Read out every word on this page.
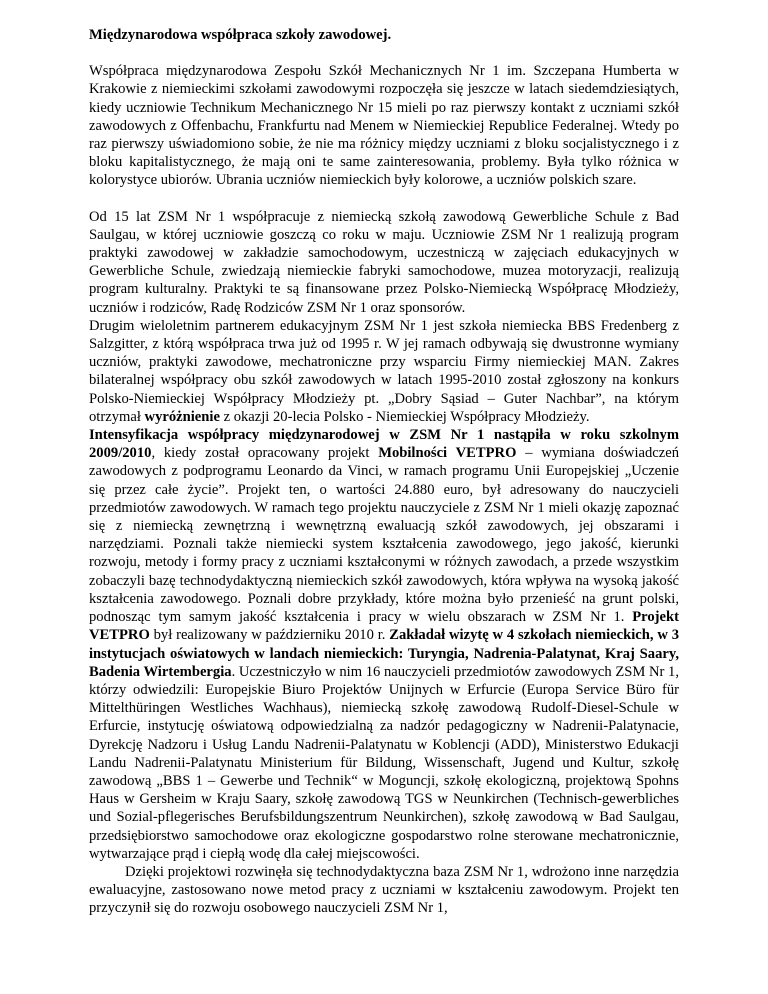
Międzynarodowa współpraca szkoły zawodowej.

Współpraca międzynarodowa Zespołu Szkół Mechanicznych Nr 1 im. Szczepana Humberta w Krakowie z niemieckimi szkołami zawodowymi rozpoczęła się jeszcze w latach siedemdziesiątych, kiedy uczniowie Technikum Mechanicznego Nr 15 mieli po raz pierwszy kontakt z uczniami szkół zawodowych z Offenbachu, Frankfurtu nad Menem w Niemieckiej Republice Federalnej. Wtedy po raz pierwszy uświadomiono sobie, że nie ma różnicy między uczniami z bloku socjalistycznego i z bloku kapitalistycznego, że mają oni te same zainteresowania, problemy. Była tylko różnica w kolorystyce ubiorów. Ubrania uczniów niemieckich były kolorowe, a uczniów polskich szare.

Od 15 lat ZSM Nr 1 współpracuje z niemiecką szkołą zawodową Gewerbliche Schule z Bad Saulgau, w której uczniowie goszczą co roku w maju. Uczniowie ZSM Nr 1 realizują program praktyki zawodowej w zakładzie samochodowym, uczestniczą w zajęciach edukacyjnych w Gewerbliche Schule, zwiedzają niemieckie fabryki samochodowe, muzea motoryzacji, realizują program kulturalny. Praktyki te są finansowane przez Polsko-Niemiecką Współpracę Młodzieży, uczniów i rodziców, Radę Rodziców ZSM Nr 1 oraz sponsorów.

Drugim wieloletnim partnerem edukacyjnym ZSM Nr 1 jest szkoła niemiecka BBS Fredenberg z Salzgitter, z którą współpraca trwa już od 1995 r. W jej ramach odbywają się dwustronne wymiany uczniów, praktyki zawodowe, mechatroniczne przy wsparciu Firmy niemieckiej MAN. Zakres bilateralnej współpracy obu szkół zawodowych w latach 1995-2010 został zgłoszony na konkurs Polsko-Niemieckiej Współpracy Młodzieży pt. „Dobry Sąsiad – Guter Nachbar”, na którym otrzymał wyróżnienie z okazji 20-lecia Polsko - Niemieckiej Współpracy Młodzieży.

Intensyfikacja współpracy międzynarodowej w ZSM Nr 1 nastąpiła w roku szkolnym 2009/2010, kiedy został opracowany projekt Mobilności VETPRO – wymiana doświadczeń zawodowych z podprogramu Leonardo da Vinci, w ramach programu Unii Europejskiej „Uczenie się przez całe życie”. Projekt ten, o wartości 24.880 euro, był adresowany do nauczycieli przedmiotów zawodowych. W ramach tego projektu nauczyciele z ZSM Nr 1 mieli okazję zapoznać się z niemiecką zewnętrzną i wewnętrzną ewaluacją szkół zawodowych, jej obszarami i narzędziami. Poznali także niemiecki system kształcenia zawodowego, jego jakość, kierunki rozwoju, metody i formy pracy z uczniami kształconymi w różnych zawodach, a przede wszystkim zobaczyli bazę technodydaktyczną niemieckich szkół zawodowych, która wpływa na wysoką jakość kształcenia zawodowego. Poznali dobre przykłady, które można było przenieść na grunt polski, podnosząc tym samym jakość kształcenia i pracy w wielu obszarach w ZSM Nr 1. Projekt VETPRO był realizowany w październiku 2010 r. Zakładał wizytę w 4 szkołach niemieckich, w 3 instytucjach oświatowych w landach niemieckich: Turyngia, Nadrenia-Palatynat, Kraj Saary, Badenia Wirtembergia. Uczestniczyło w nim 16 nauczycieli przedmiotów zawodowych ZSM Nr 1, którzy odwiedzili: Europejskie Biuro Projektów Unijnych w Erfurcie (Europa Service Büro für Mittelthüringen Westliches Wachhaus), niemiecką szkołę zawodową Rudolf-Diesel-Schule w Erfurcie, instytucję oświatową odpowiedzialną za nadzór pedagogiczny w Nadrenii-Palatynacie, Dyrekcję Nadzoru i Usług Landu Nadrenii-Palatynatu w Koblencji (ADD), Ministerstwo Edukacji Landu Nadrenii-Palatynatu Ministerium für Bildung, Wissenschaft, Jugend und Kultur, szkołę zawodową „BBS 1 – Gewerbe und Technik“ w Moguncji, szkołę ekologiczną, projektową Spohns Haus w Gersheim w Kraju Saary, szkołę zawodową TGS w Neunkirchen (Technisch-gewerbliches und Sozial-pflegerisches Berufsbildungszentrum Neunkirchen), szkołę zawodową w Bad Saulgau, przedsiębiorstwo samochodowe oraz ekologiczne gospodarstwo rolne sterowane mechatronicznie, wytwarzające prąd i ciepłą wodę dla całej miejscowości.

Dzięki projektowi rozwinęła się technodydaktyczna baza ZSM Nr 1, wdrożono inne narzędzia ewaluacyjne, zastosowano nowe metod pracy z uczniami w kształceniu zawodowym. Projekt ten przyczynił się do rozwoju osobowego nauczycieli ZSM Nr 1,
